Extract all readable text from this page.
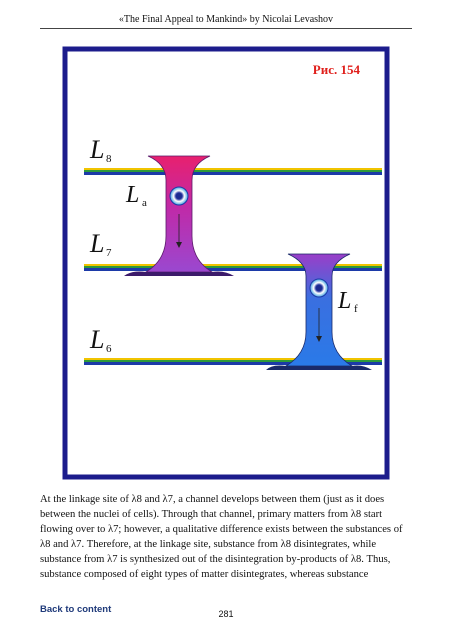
«The Final Appeal to Mankind» by Nicolai Levashov
Рис. 154
L 8
L a
L 7
L f
L 6

At the linkage site of λ8 and λ7, a channel develops between them (just as it does

between the nuclei of cells). Through that channel, primary matters from λ8 start

flowing over to λ7; however, a qualitative difference exists between the substances of

λ8 and λ7. Therefore, at the linkage site, substance from λ8 disintegrates, while

substance from λ7 is synthesized out of the disintegration by-products of λ8. Thus,

substance composed of eight types of matter disintegrates, whereas substance

Back to content	281
